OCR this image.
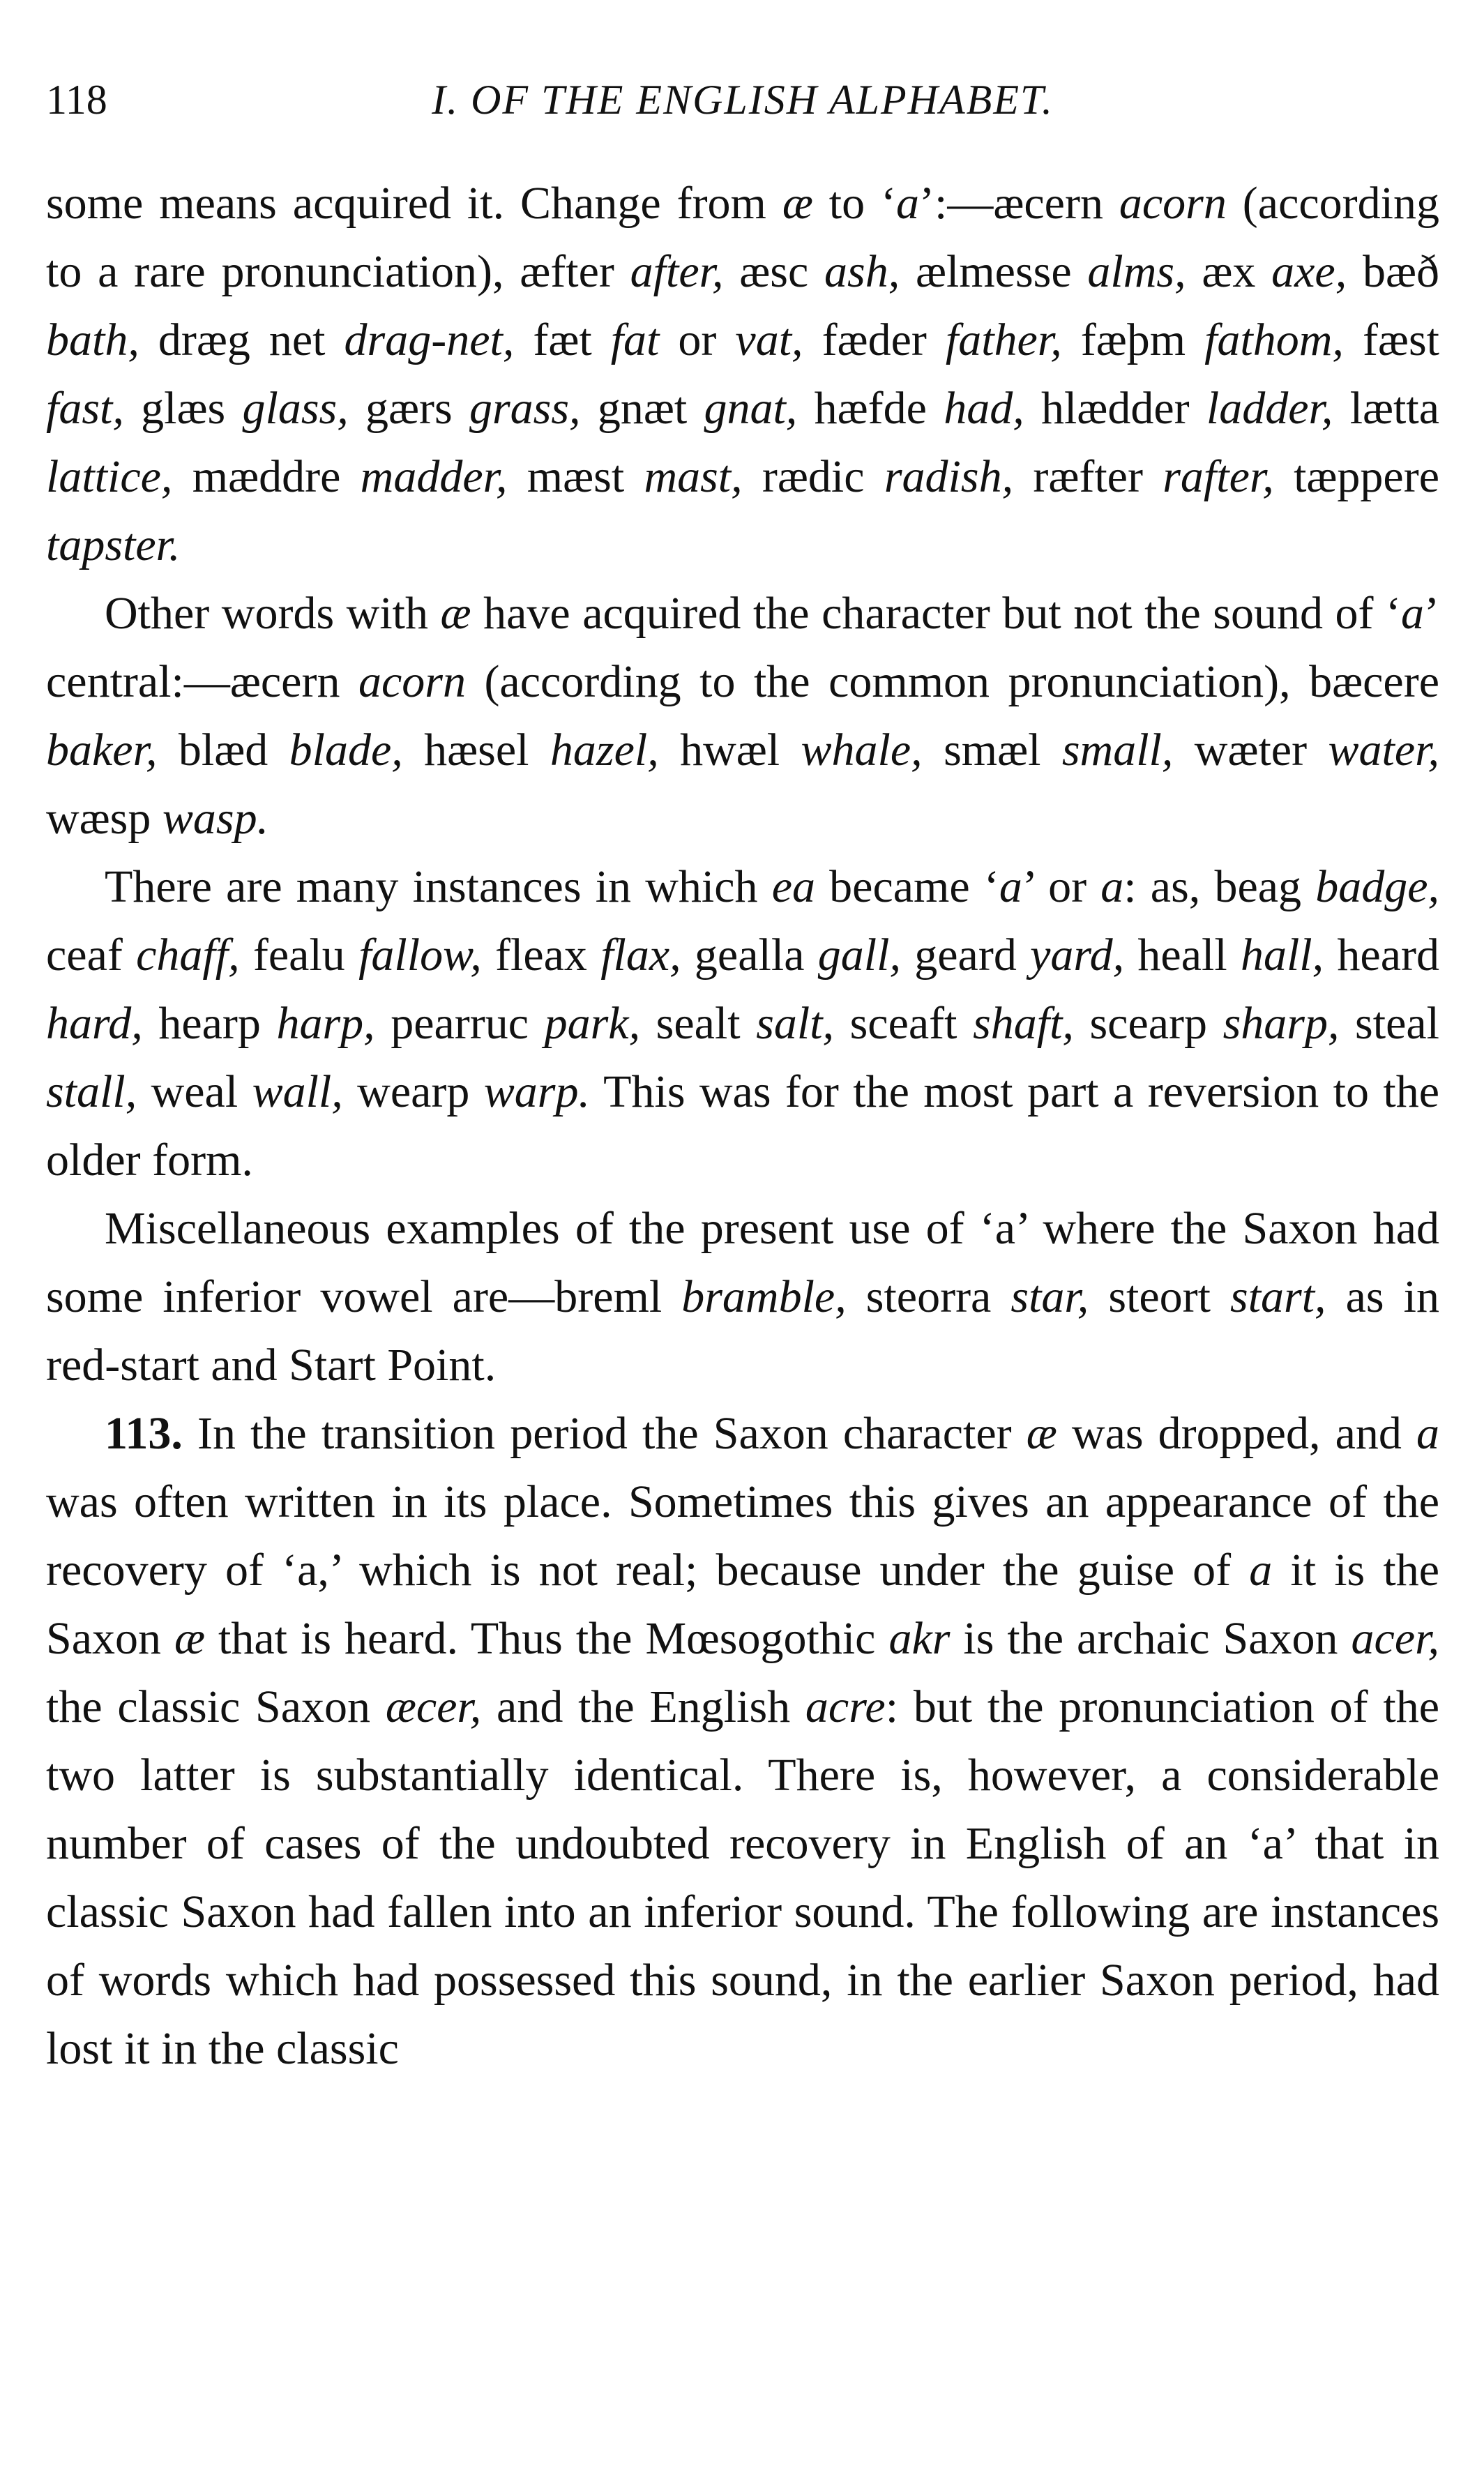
118	I. OF THE ENGLISH ALPHABET.

some means acquired it. Change from æ to ‘a’:—æcern acorn (according to a rare pronunciation), æfter after, æsc ash, ælmesse alms, æx axe, bæð bath, dræg net drag-net, fæt fat or vat, fæder father, fæþm fathom, fæst fast, glæs glass, gærs grass, gnæt gnat, hæfde had, hlædder ladder, lætta lattice, mæddre madder, mæst mast, rædic radish, ræfter rafter, tæppere tapster.

Other words with æ have acquired the character but not the sound of ‘a’ central:—æcern acorn (according to the common pronunciation), bæcere baker, blæd blade, hæsel hazel, hwæl whale, smæl small, wæter water, wæsp wasp.

There are many instances in which ea became ‘a’ or a: as, beag badge, ceaf chaff, fealu fallow, fleax flax, gealla gall, geard yard, heall hall, heard hard, hearp harp, pearruc park, sealt salt, sceaft shaft, scearp sharp, steal stall, weal wall, wearp warp. This was for the most part a reversion to the older form.

Miscellaneous examples of the present use of ‘a’ where the Saxon had some inferior vowel are—breml bramble, steorra star, steort start, as in red-start and Start Point.

113. In the transition period the Saxon character æ was dropped, and a was often written in its place. Sometimes this gives an appearance of the recovery of ‘a,’ which is not real; because under the guise of a it is the Saxon æ that is heard. Thus the Mœsogothic akr is the archaic Saxon acer, the classic Saxon æcer, and the English acre: but the pronunciation of the two latter is substantially identical. There is, however, a considerable number of cases of the undoubted recovery in English of an ‘a’ that in classic Saxon had fallen into an inferior sound. The following are instances of words which had possessed this sound, in the earlier Saxon period, had lost it in the classic
